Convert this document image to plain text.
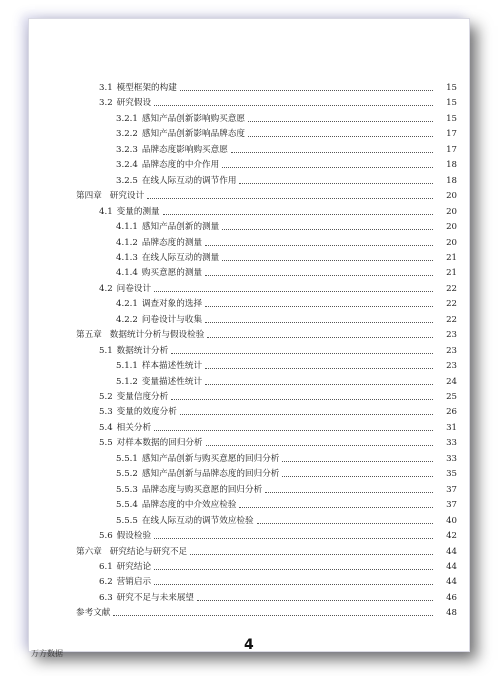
3.1 模型框架的构建	15
3.2 研究假设	15
3.2.1 感知产品创新影响购买意愿	15
3.2.2 感知产品创新影响品牌态度	17
3.2.3 品牌态度影响购买意愿	17
3.2.4 品牌态度的中介作用	18
3.2.5 在线人际互动的调节作用	18
第四章 研究设计	20
4.1 变量的测量	20
4.1.1 感知产品创新的测量	20
4.1.2 品牌态度的测量	20
4.1.3 在线人际互动的测量	21
4.1.4 购买意愿的测量	21
4.2 问卷设计	22
4.2.1 调查对象的选择	22
4.2.2 问卷设计与收集	22
第五章 数据统计分析与假设检验	23
5.1 数据统计分析	23
5.1.1 样本描述性统计	23
5.1.2 变量描述性统计	24
5.2 变量信度分析	25
5.3 变量的效度分析	26
5.4 相关分析	31
5.5 对样本数据的回归分析	33
5.5.1 感知产品创新与购买意愿的回归分析	33
5.5.2 感知产品创新与品牌态度的回归分析	35
5.5.3 品牌态度与购买意愿的回归分析	37
5.5.4 品牌态度的中介效应检验	37
5.5.5 在线人际互动的调节效应检验	40
5.6 假设检验	42
第六章 研究结论与研究不足	44
6.1 研究结论	44
6.2 营销启示	44
6.3 研究不足与未来展望	46
参考文献	48
万方数据
4
